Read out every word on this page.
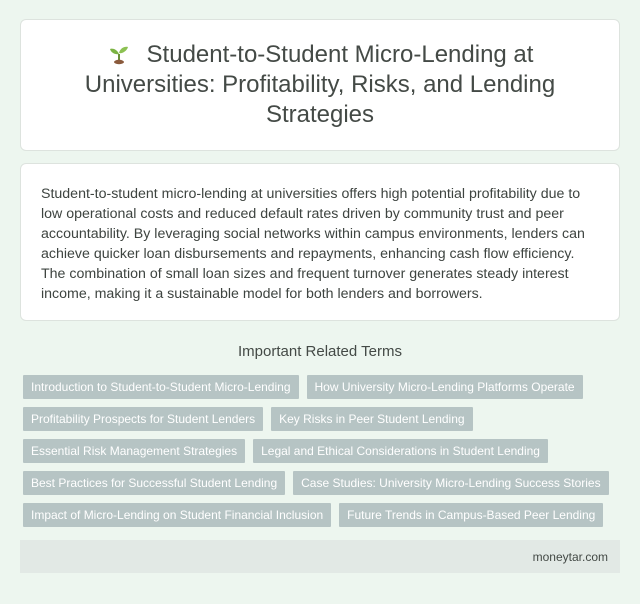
Student-to-Student Micro-Lending at Universities: Profitability, Risks, and Lending Strategies

Student-to-student micro-lending at universities offers high potential profitability due to low operational costs and reduced default rates driven by community trust and peer accountability. By leveraging social networks within campus environments, lenders can achieve quicker loan disbursements and repayments, enhancing cash flow efficiency. The combination of small loan sizes and frequent turnover generates steady interest income, making it a sustainable model for both lenders and borrowers.

Important Related Terms
Introduction to Student-to-Student Micro-Lending	How University Micro-Lending Platforms Operate
Profitability Prospects for Student Lenders	Key Risks in Peer Student Lending
Essential Risk Management Strategies	Legal and Ethical Considerations in Student Lending
Best Practices for Successful Student Lending	Case Studies: University Micro-Lending Success Stories
Impact of Micro-Lending on Student Financial Inclusion	Future Trends in Campus-Based Peer Lending
moneytar.com
